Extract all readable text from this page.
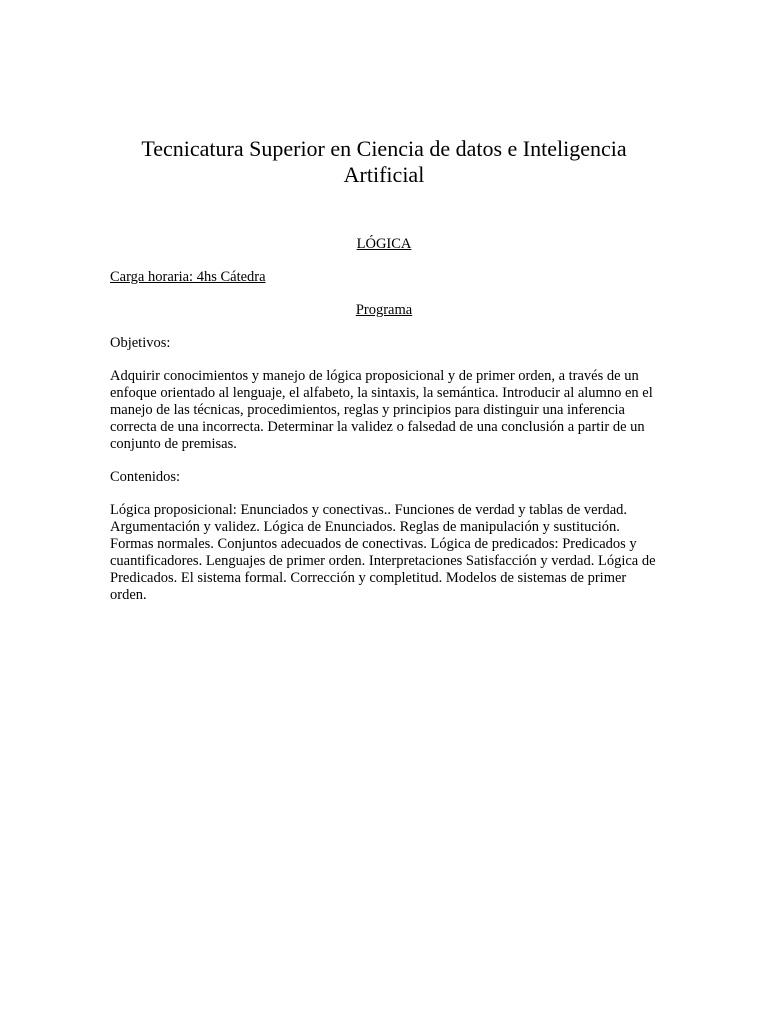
Tecnicatura Superior en Ciencia de datos e Inteligencia Artificial

LÓGICA

Carga horaria: 4hs Cátedra

Programa

Objetivos:

Adquirir conocimientos y manejo de lógica proposicional y de primer orden, a través de un enfoque orientado al lenguaje, el alfabeto, la sintaxis, la semántica. Introducir al alumno en el manejo de las técnicas, procedimientos, reglas y principios para distinguir una inferencia correcta de una incorrecta. Determinar la validez o falsedad de una conclusión a partir de un conjunto de premisas.

Contenidos:

Lógica proposicional: Enunciados y conectivas.. Funciones de verdad y tablas de verdad. Argumentación y validez. Lógica de Enunciados. Reglas de manipulación y sustitución. Formas normales. Conjuntos adecuados de conectivas. Lógica de predicados: Predicados y cuantificadores. Lenguajes de primer orden. Interpretaciones Satisfacción y verdad. Lógica de Predicados. El sistema formal. Corrección y completitud. Modelos de sistemas de primer orden.
